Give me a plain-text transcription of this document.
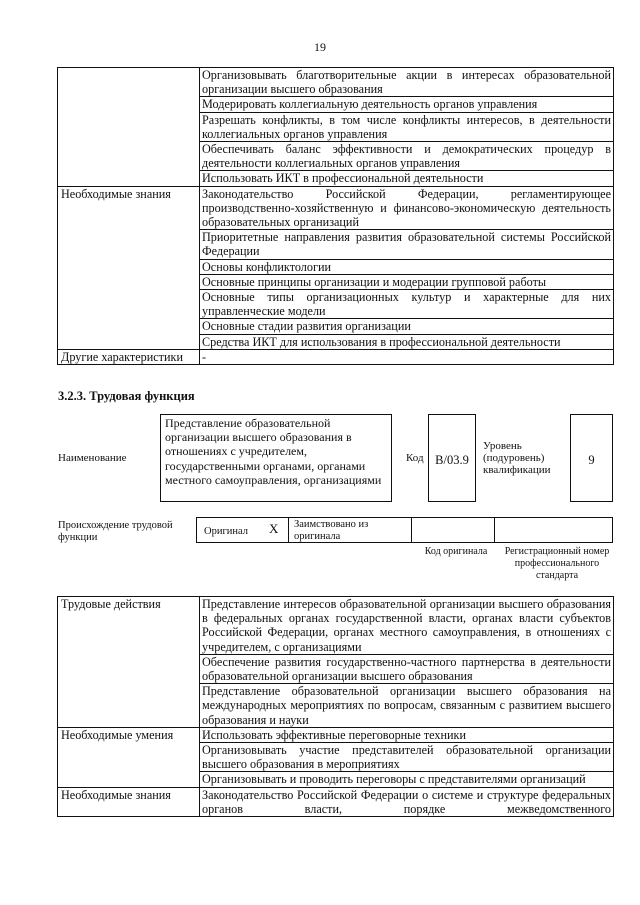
19
	Организовывать благотворительные акции в интересах образовательной организации высшего образования
	Модерировать коллегиальную деятельность органов управления
	Разрешать конфликты, в том числе конфликты интересов, в деятельности коллегиальных органов управления
	Обеспечивать баланс эффективности и демократических процедур в деятельности коллегиальных органов управления
	Использовать ИКТ в профессиональной деятельности
Необходимые знания	Законодательство Российской Федерации, регламентирующее производственно-хозяйственную и финансово-экономическую деятельность образовательных организаций
	Приоритетные направления развития образовательной системы Российской Федерации
	Основы конфликтологии
	Основные принципы организации и модерации групповой работы
	Основные типы организационных культур и характерные для них управленческие модели
	Основные стадии развития организации
	Средства ИКТ для использования в профессиональной деятельности
Другие характеристики	-
3.2.3. Трудовая функция
Наименование
Представление образовательной организации высшего образования в отношениях с учредителем, государственными органами, органами местного самоуправления, организациями
Код B/03.9
Уровень (подуровень) квалификации
9
Происхождение трудовой функции
Оригинал X Заимствовано из оригинала
Код оригинала	Регистрационный номер профессионального стандарта
Трудовые действия	Представление интересов образовательной организации высшего образования в федеральных органах государственной власти, органах власти субъектов Российской Федерации, органах местного самоуправления, в отношениях с учредителем, с организациями
	Обеспечение развития государственно-частного партнерства в деятельности образовательной организации высшего образования
	Представление образовательной организации высшего образования на международных мероприятиях по вопросам, связанным с развитием высшего образования и науки
Необходимые умения	Использовать эффективные переговорные техники
	Организовывать участие представителей образовательной организации высшего образования в мероприятиях
	Организовывать и проводить переговоры с представителями организаций
Необходимые знания	Законодательство Российской Федерации о системе и структуре федеральных органов власти, порядке межведомственного
